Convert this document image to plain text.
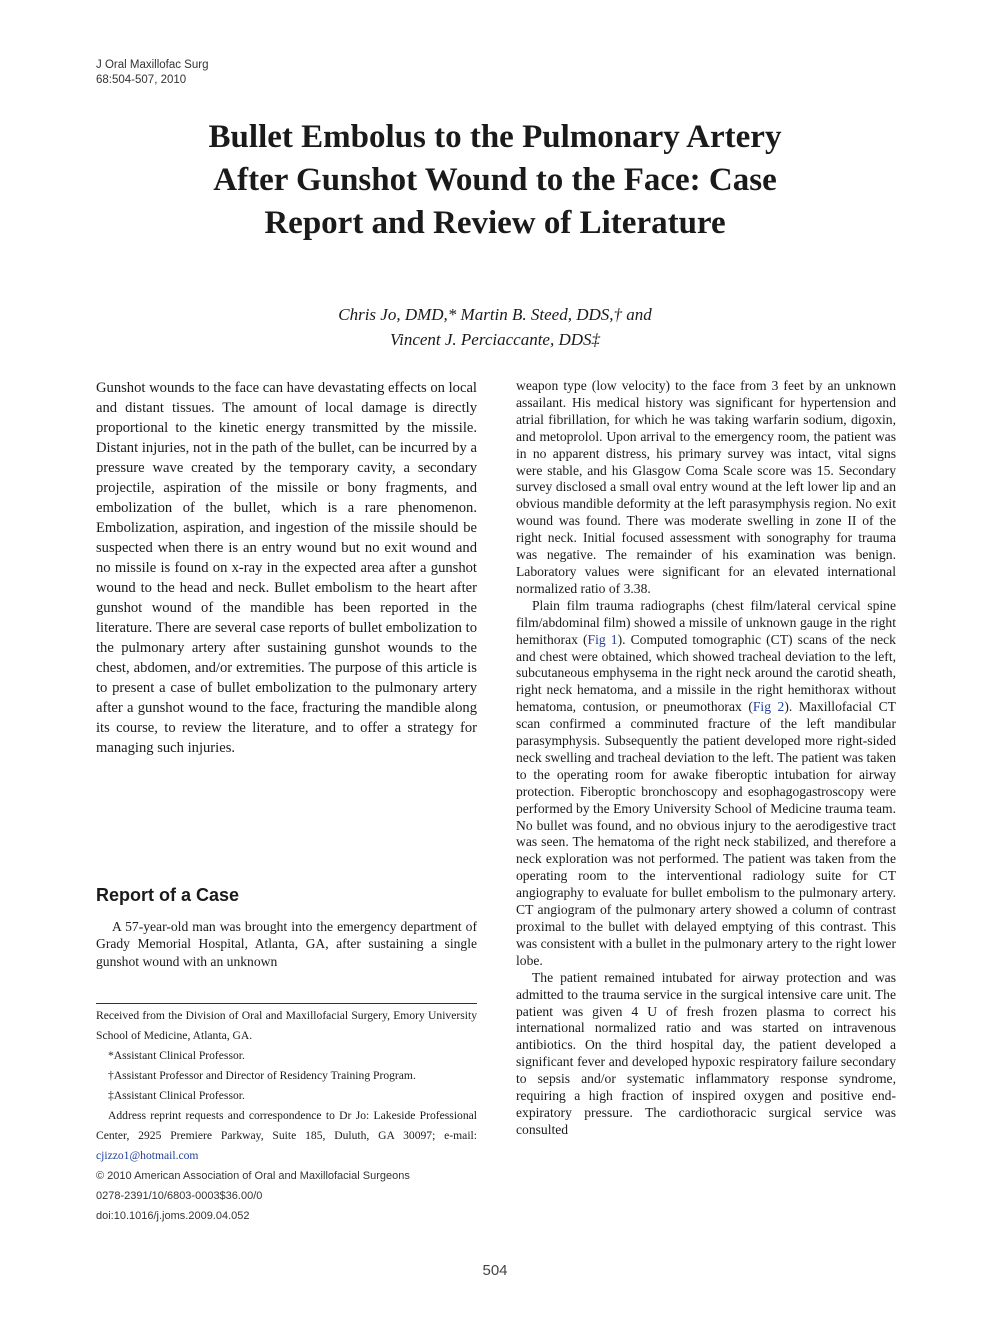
J Oral Maxillofac Surg
68:504-507, 2010
Bullet Embolus to the Pulmonary Artery
After Gunshot Wound to the Face: Case
Report and Review of Literature
Chris Jo, DMD,* Martin B. Steed, DDS,† and
Vincent J. Perciaccante, DDS‡

Gunshot wounds to the face can have devastating effects on local and distant tissues. The amount of local damage is directly proportional to the kinetic energy transmitted by the missile. Distant injuries, not in the path of the bullet, can be incurred by a pressure wave created by the temporary cavity, a secondary projectile, aspiration of the missile or bony fragments, and embolization of the bullet, which is a rare phenomenon. Embolization, aspiration, and ingestion of the missile should be suspected when there is an entry wound but no exit wound and no missile is found on x-ray in the expected area after a gunshot wound to the head and neck. Bullet embolism to the heart after gunshot wound of the mandible has been reported in the literature. There are several case reports of bullet embolization to the pulmonary artery after sustaining gunshot wounds to the chest, abdomen, and/or extremities. The purpose of this article is to present a case of bullet embolization to the pulmonary artery after a gunshot wound to the face, fracturing the mandible along its course, to review the literature, and to offer a strategy for managing such injuries.

Report of a Case

A 57-year-old man was brought into the emergency department of Grady Memorial Hospital, Atlanta, GA, after sustaining a single gunshot wound with an unknown

Received from the Division of Oral and Maxillofacial Surgery, Emory University School of Medicine, Atlanta, GA.

*Assistant Clinical Professor.

†Assistant Professor and Director of Residency Training Program.

‡Assistant Clinical Professor.

Address reprint requests and correspondence to Dr Jo: Lakeside Professional Center, 2925 Premiere Parkway, Suite 185, Duluth, GA 30097; e-mail: cjizzo1@hotmail.com

© 2010 American Association of Oral and Maxillofacial Surgeons

0278-2391/10/6803-0003$36.00/0

doi:10.1016/j.joms.2009.04.052

weapon type (low velocity) to the face from 3 feet by an unknown assailant. His medical history was significant for hypertension and atrial fibrillation, for which he was taking warfarin sodium, digoxin, and metoprolol. Upon arrival to the emergency room, the patient was in no apparent distress, his primary survey was intact, vital signs were stable, and his Glasgow Coma Scale score was 15. Secondary survey disclosed a small oval entry wound at the left lower lip and an obvious mandible deformity at the left parasymphysis region. No exit wound was found. There was moderate swelling in zone II of the right neck. Initial focused assessment with sonography for trauma was negative. The remainder of his examination was benign. Laboratory values were significant for an elevated international normalized ratio of 3.38.

Plain film trauma radiographs (chest film/lateral cervical spine film/abdominal film) showed a missile of unknown gauge in the right hemithorax (Fig 1). Computed tomographic (CT) scans of the neck and chest were obtained, which showed tracheal deviation to the left, subcutaneous emphysema in the right neck around the carotid sheath, right neck hematoma, and a missile in the right hemithorax without hematoma, contusion, or pneumothorax (Fig 2). Maxillofacial CT scan confirmed a comminuted fracture of the left mandibular parasymphysis. Subsequently the patient developed more right-sided neck swelling and tracheal deviation to the left. The patient was taken to the operating room for awake fiberoptic intubation for airway protection. Fiberoptic bronchoscopy and esophagogastroscopy were performed by the Emory University School of Medicine trauma team. No bullet was found, and no obvious injury to the aerodigestive tract was seen. The hematoma of the right neck stabilized, and therefore a neck exploration was not performed. The patient was taken from the operating room to the interventional radiology suite for CT angiography to evaluate for bullet embolism to the pulmonary artery. CT angiogram of the pulmonary artery showed a column of contrast proximal to the bullet with delayed emptying of this contrast. This was consistent with a bullet in the pulmonary artery to the right lower lobe.

The patient remained intubated for airway protection and was admitted to the trauma service in the surgical intensive care unit. The patient was given 4 U of fresh frozen plasma to correct his international normalized ratio and was started on intravenous antibiotics. On the third hospital day, the patient developed a significant fever and developed hypoxic respiratory failure secondary to sepsis and/or systematic inflammatory response syndrome, requiring a high fraction of inspired oxygen and positive end-expiratory pressure. The cardiothoracic surgical service was consulted

504
